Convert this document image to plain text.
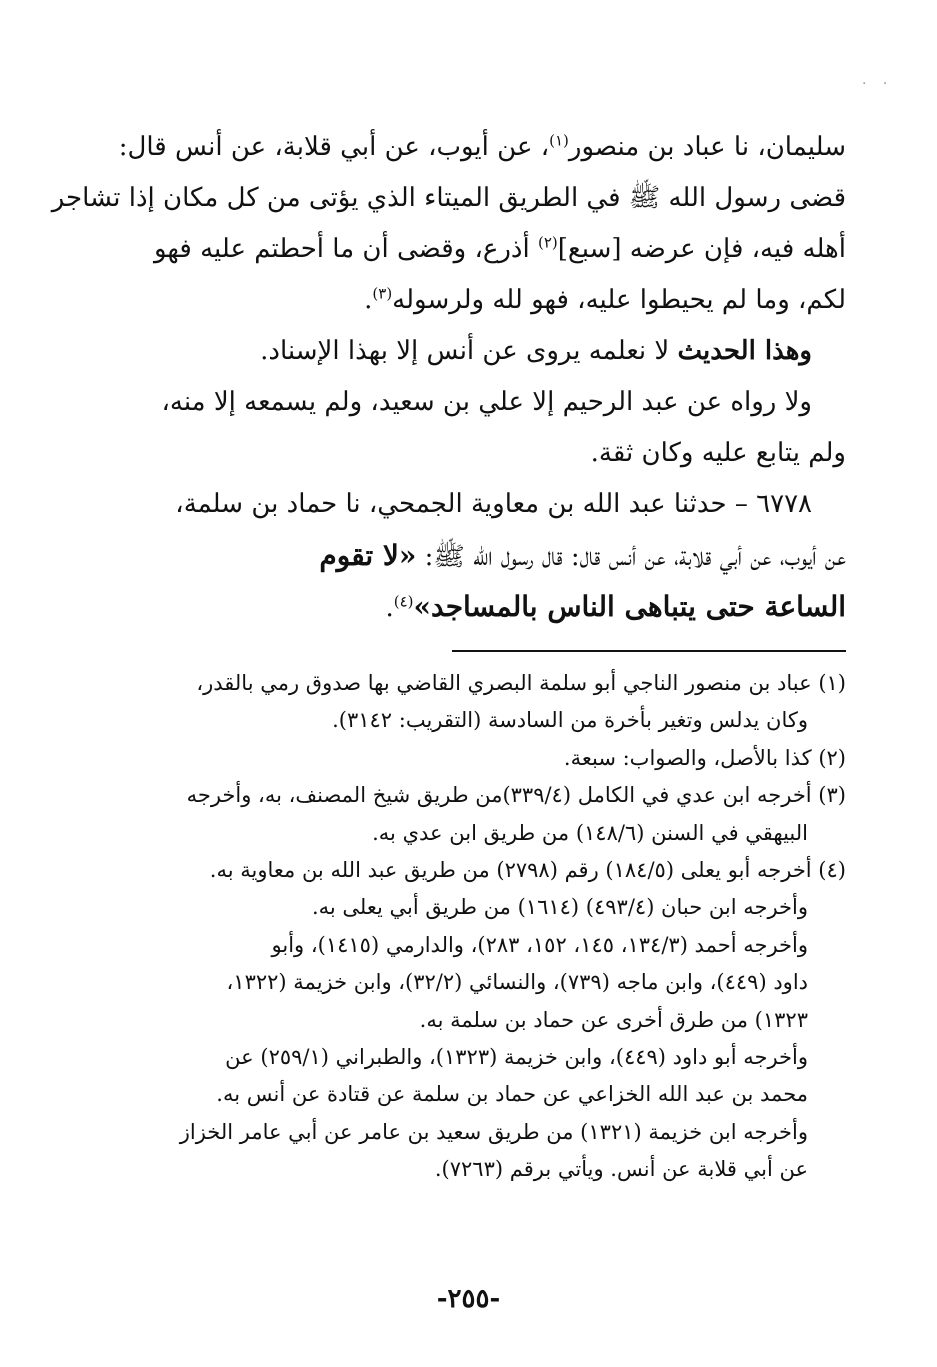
· ·
سليمان، نا عباد بن منصور$^{(١)}$، عن أيوب، عن أبي قلابة، عن أنس قال:
قضى رسول الله ﷺ في الطريق الميتاء الذي يؤتى من كل مكان إذا تشاجر
أهله فيه، فإن عرضه [سبع]$^{(٢)}$ أذرع، وقضى أن ما أحطتم عليه فهو
لكم، وما لم يحيطوا عليه، فهو لله ولرسوله$^{(٣)}$.
وهذا الحديث لا نعلمه يروى عن أنس إلا بهذا الإسناد.
ولا رواه عن عبد الرحيم إلا علي بن سعيد، ولم يسمعه إلا منه،
ولم يتابع عليه وكان ثقة.
٦٧٧٨ – حدثنا عبد الله بن معاوية الجمحي، نا حماد بن سلمة،
عن أيوب، عن أبي قلابة، عن أنس قال: قال رسول الله ﷺ: «لا تقوم
الساعة حتى يتباهى الناس بالمساجد»$^{(٤)}$.
(١) عباد بن منصور الناجي أبو سلمة البصري القاضي بها صدوق رمي بالقدر،
وكان يدلس وتغير بأخرة من السادسة (التقريب: ٣١٤٢).
(٢) كذا بالأصل، والصواب: سبعة.
(٣) أخرجه ابن عدي في الكامل (٣٣٩/٤)من طريق شيخ المصنف، به، وأخرجه
البيهقي في السنن (١٤٨/٦) من طريق ابن عدي به.
(٤) أخرجه أبو يعلى (١٨٤/٥) رقم (٢٧٩٨) من طريق عبد الله بن معاوية به.
وأخرجه ابن حبان (٤٩٣/٤) (١٦١٤) من طريق أبي يعلى به.
وأخرجه أحمد (١٣٤/٣، ١٤٥، ١٥٢، ٢٨٣)، والدارمي (١٤١٥)، وأبو
داود (٤٤٩)، وابن ماجه (٧٣٩)، والنسائي (٣٢/٢)، وابن خزيمة (١٣٢٢،
١٣٢٣) من طرق أخرى عن حماد بن سلمة به.
وأخرجه أبو داود (٤٤٩)، وابن خزيمة (١٣٢٣)، والطبراني (٢٥٩/١) عن
محمد بن عبد الله الخزاعي عن حماد بن سلمة عن قتادة عن أنس به.
وأخرجه ابن خزيمة (١٣٢١) من طريق سعيد بن عامر عن أبي عامر الخزاز
عن أبي قلابة عن أنس. ويأتي برقم (٧٢٦٣).
-٢٥٥-
